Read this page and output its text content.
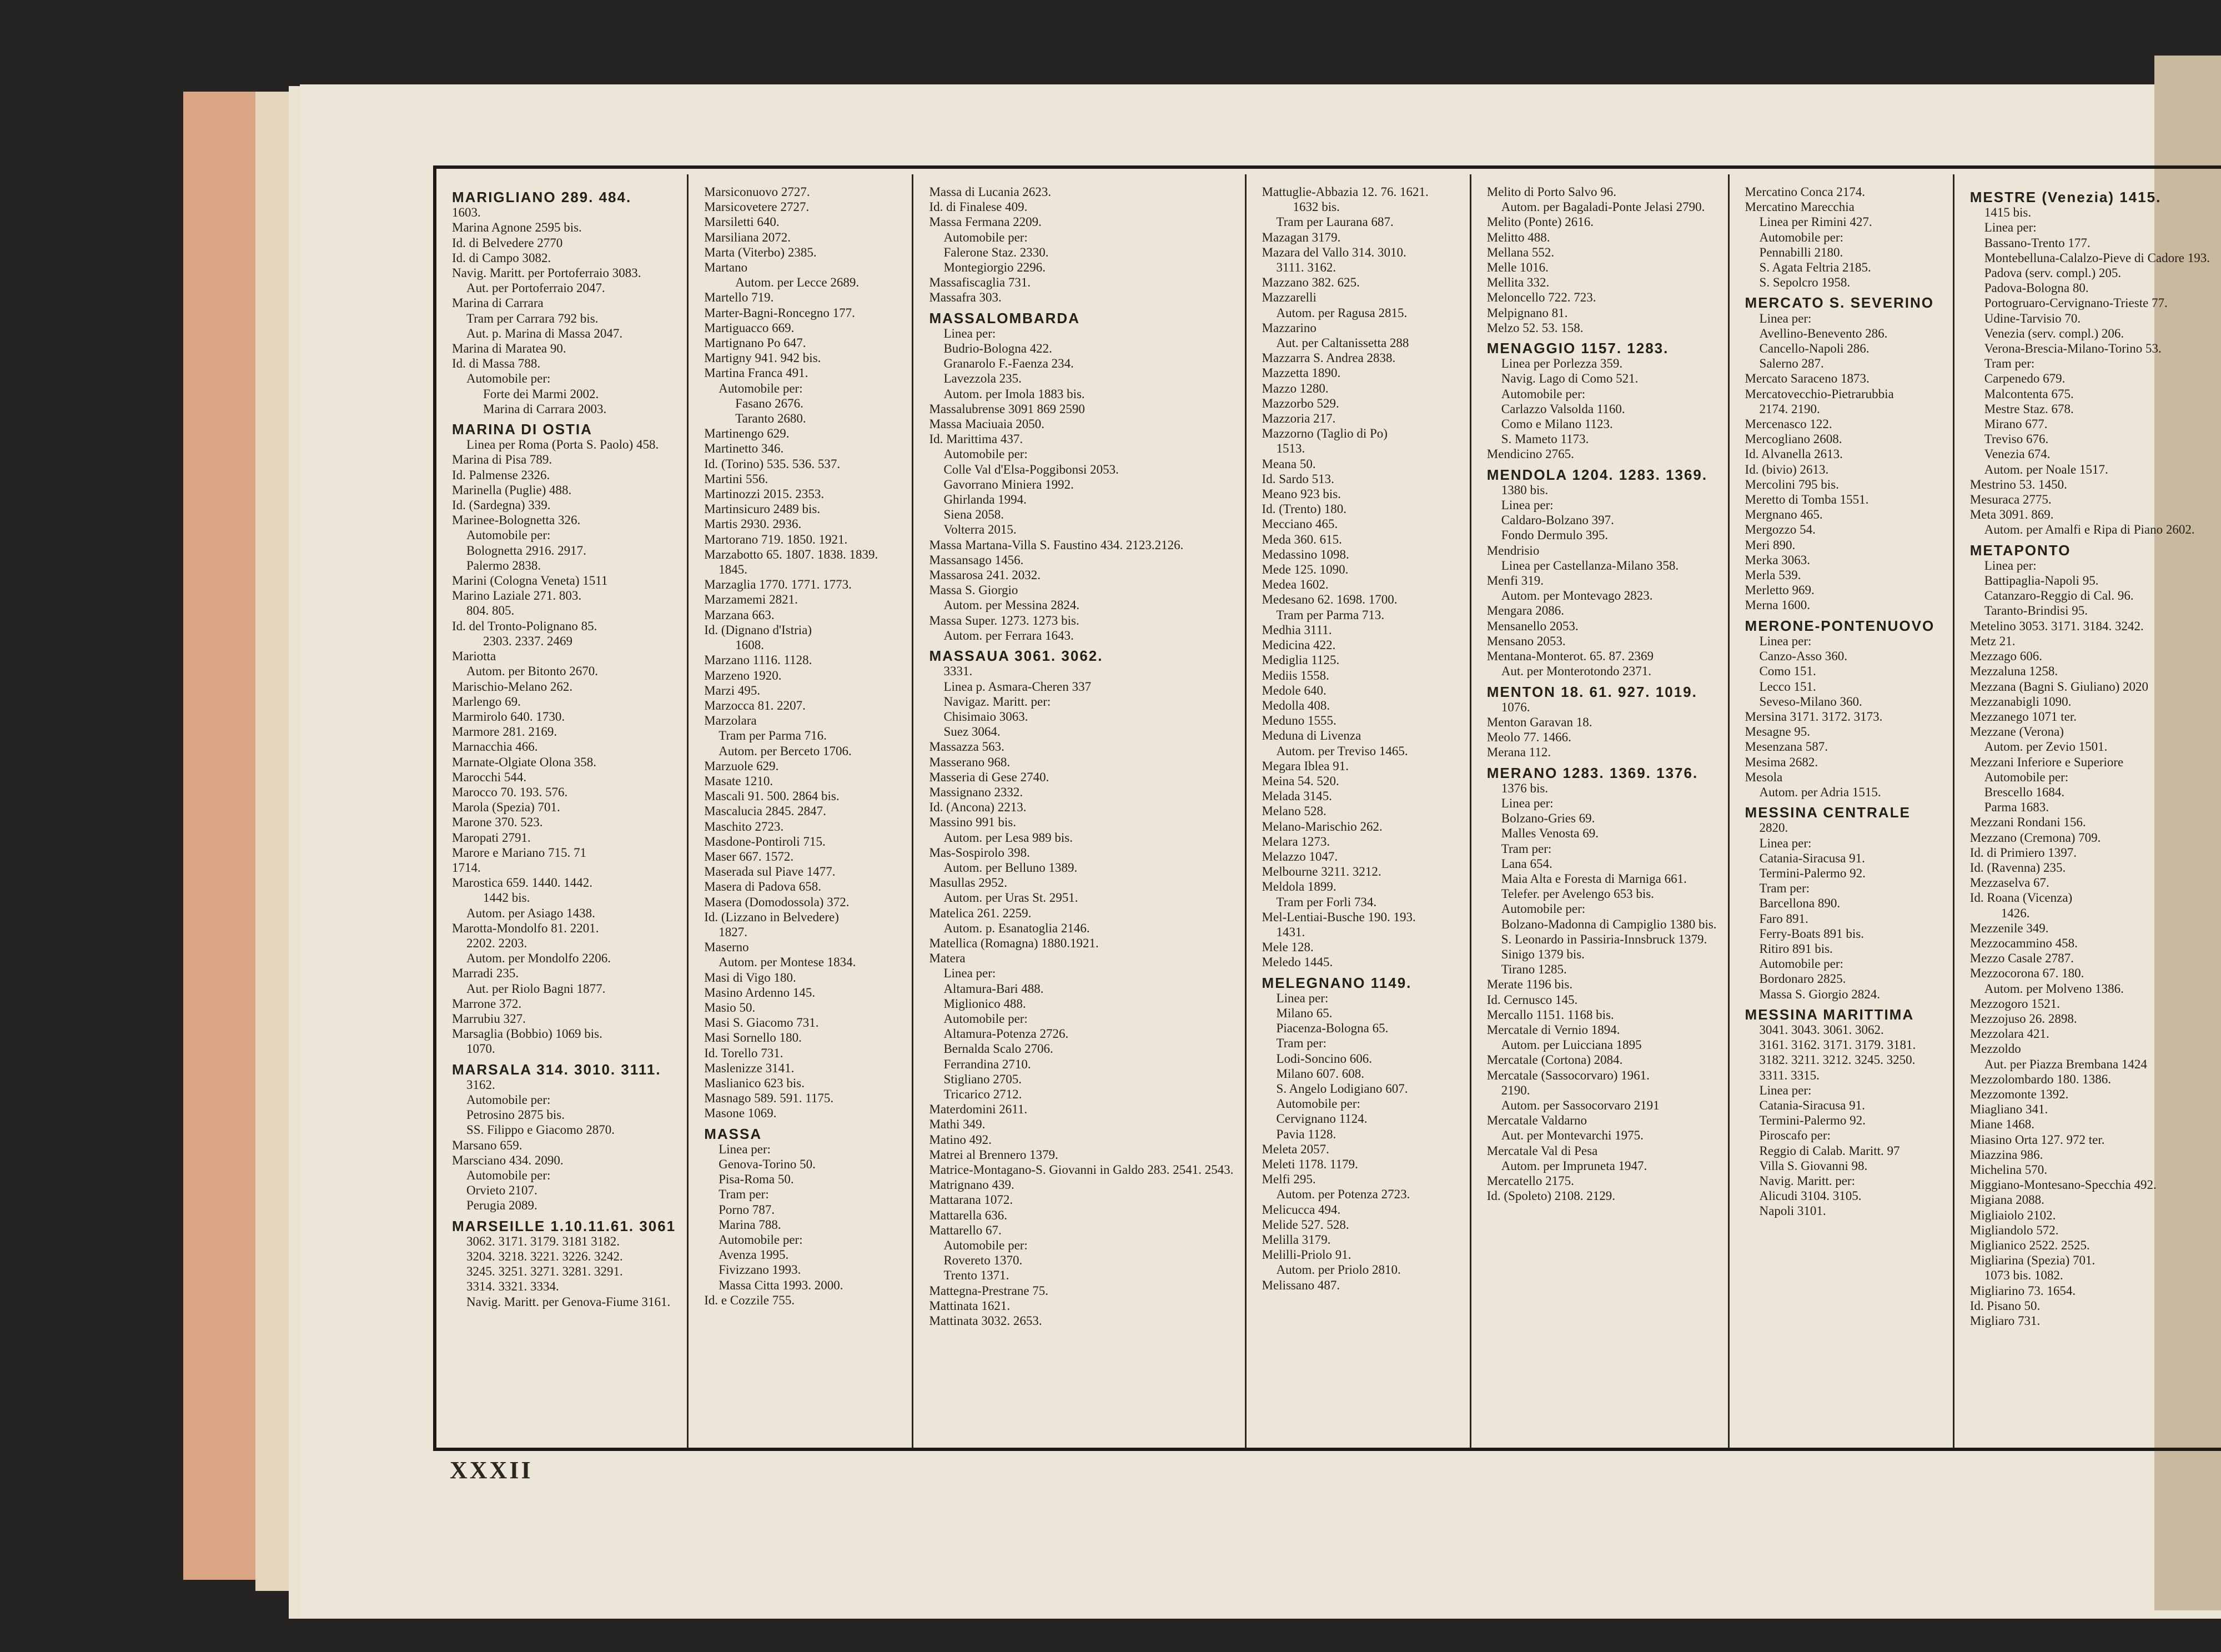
MARIGLIANO 289. 484.
1603.
Marina Agnone 2595 bis.
Id. di Belvedere 2770
Id. di Campo 3082.
Navig. Maritt. per Portoferraio 3083.
Aut. per Portoferraio 2047.
Marina di Carrara
Tram per Carrara 792 bis.
Aut. p. Marina di Massa 2047.
Marina di Maratea 90.
Id. di Massa 788.
Automobile per:
Forte dei Marmi 2002.
Marina di Carrara 2003.
MARINA DI OSTIA
Linea per Roma (Porta S. Paolo) 458.
Marina di Pisa 789.
Id. Palmense 2326.
Marinella (Puglie) 488.
Id. (Sardegna) 339.
Marinee-Bolognetta 326.
Automobile per:
Bolognetta 2916. 2917.
Palermo 2838.
Marini (Cologna Veneta) 1511
Marino Laziale 271. 803.
804. 805.
Id. del Tronto-Polignano 85.
2303. 2337. 2469
Mariotta
Autom. per Bitonto 2670.
Marischio-Melano 262.
Marlengo 69.
Marmirolo 640. 1730.
Marmore 281. 2169.
Marnacchia 466.
Marnate-Olgiate Olona 358.
Marocchi 544.
Marocco 70. 193. 576.
Marola (Spezia) 701.
Marone 370. 523.
Maropati 2791.
Marore e Mariano 715. 71
1714.
Marostica 659. 1440. 1442.
1442 bis.
Autom. per Asiago 1438.
Marotta-Mondolfo 81. 2201.
2202. 2203.
Autom. per Mondolfo 2206.
Marradi 235.
Aut. per Riolo Bagni 1877.
Marrone 372.
Marrubiu 327.
Marsaglia (Bobbio) 1069 bis.
1070.
MARSALA 314. 3010. 3111.
3162.
Automobile per:
Petrosino 2875 bis.
SS. Filippo e Giacomo 2870.
Marsano 659.
Marsciano 434. 2090.
Automobile per:
Orvieto 2107.
Perugia 2089.
MARSEILLE 1.10.11.61. 3061
3062. 3171. 3179. 3181 3182.
3204. 3218. 3221. 3226. 3242.
3245. 3251. 3271. 3281. 3291.
3314. 3321. 3334.
Navig. Maritt. per Genova-Fiume 3161.
Marsiconuovo 2727.
Marsicovetere 2727.
Marsiletti 640.
Marsiliana 2072.
Marta (Viterbo) 2385.
Martano
Autom. per Lecce 2689.
Martello 719.
Marter-Bagni-Roncegno 177.
Martiguacco 669.
Martignano Po 647.
Martigny 941. 942 bis.
Martina Franca 491.
Automobile per:
Fasano 2676.
Taranto 2680.
Martinengo 629.
Martinetto 346.
Id. (Torino) 535. 536. 537.
Martini 556.
Martinozzi 2015. 2353.
Martinsicuro 2489 bis.
Martis 2930. 2936.
Martorano 719. 1850. 1921.
Marzabotto 65. 1807. 1838. 1839.
1845.
Marzaglia 1770. 1771. 1773.
Marzamemi 2821.
Marzana 663.
Id. (Dignano d'Istria)
1608.
Marzano 1116. 1128.
Marzeno 1920.
Marzi 495.
Marzocca 81. 2207.
Marzolara
Tram per Parma 716.
Autom. per Berceto 1706.
Marzuole 629.
Masate 1210.
Mascali 91. 500. 2864 bis.
Mascalucia 2845. 2847.
Maschito 2723.
Masdone-Pontiroli 715.
Maser 667. 1572.
Maserada sul Piave 1477.
Masera di Padova 658.
Masera (Domodossola) 372.
Id. (Lizzano in Belvedere)
1827.
Maserno
Autom. per Montese 1834.
Masi di Vigo 180.
Masino Ardenno 145.
Masio 50.
Masi S. Giacomo 731.
Masi Sornello 180.
Id. Torello 731.
Maslenizze 3141.
Maslianico 623 bis.
Masnago 589. 591. 1175.
Masone 1069.
MASSA
Linea per:
Genova-Torino 50.
Pisa-Roma 50.
Tram per:
Porno 787.
Marina 788.
Automobile per:
Avenza 1995.
Fivizzano 1993.
Massa Citta 1993. 2000.
Id. e Cozzile 755.
Massa di Lucania 2623.
Id. di Finalese 409.
Massa Fermana 2209.
Automobile per:
Falerone Staz. 2330.
Montegiorgio 2296.
Massafiscaglia 731.
Massafra 303.
MASSALOMBARDA
Linea per:
Budrio-Bologna 422.
Granarolo F.-Faenza 234.
Lavezzola 235.
Autom. per Imola 1883 bis.
Massalubrense 3091 869 2590
Massa Maciuaia 2050.
Id. Marittima 437.
Automobile per:
Colle Val d'Elsa-Poggibonsi 2053.
Gavorrano Miniera 1992.
Ghirlanda 1994.
Siena 2058.
Volterra 2015.
Massa Martana-Villa S. Faustino 434. 2123.2126.
Massansago 1456.
Massarosa 241. 2032.
Massa S. Giorgio
Autom. per Messina 2824.
Massa Super. 1273. 1273 bis.
Autom. per Ferrara 1643.
MASSAUA 3061. 3062.
3331.
Linea p. Asmara-Cheren 337
Navigaz. Maritt. per:
Chisimaio 3063.
Suez 3064.
Massazza 563.
Masserano 968.
Masseria di Gese 2740.
Massignano 2332.
Id. (Ancona) 2213.
Massino 991 bis.
Autom. per Lesa 989 bis.
Mas-Sospirolo 398.
Autom. per Belluno 1389.
Masullas 2952.
Autom. per Uras St. 2951.
Matelica 261. 2259.
Autom. p. Esanatoglia 2146.
Matellica (Romagna) 1880.1921.
Matera
Linea per:
Altamura-Bari 488.
Miglionico 488.
Automobile per:
Altamura-Potenza 2726.
Bernalda Scalo 2706.
Ferrandina 2710.
Stigliano 2705.
Tricarico 2712.
Materdomini 2611.
Mathi 349.
Matino 492.
Matrei al Brennero 1379.
Matrice-Montagano-S. Giovanni in Galdo 283. 2541. 2543.
Matrignano 439.
Mattarana 1072.
Mattarella 636.
Mattarello 67.
Automobile per:
Rovereto 1370.
Trento 1371.
Mattegna-Prestrane 75.
Mattinata 1621.
Mattinata 3032. 2653.
Mattuglie-Abbazia 12. 76. 1621.
1632 bis.
Tram per Laurana 687.
Mazagan 3179.
Mazara del Vallo 314. 3010.
3111. 3162.
Mazzano 382. 625.
Mazzarelli
Autom. per Ragusa 2815.
Mazzarino
Aut. per Caltanissetta 288
Mazzarra S. Andrea 2838.
Mazzetta 1890.
Mazzo 1280.
Mazzorbo 529.
Mazzoria 217.
Mazzorno (Taglio di Po)
1513.
Meana 50.
Id. Sardo 513.
Meano 923 bis.
Id. (Trento) 180.
Mecciano 465.
Meda 360. 615.
Medassino 1098.
Mede 125. 1090.
Medea 1602.
Medesano 62. 1698. 1700.
Tram per Parma 713.
Medhia 3111.
Medicina 422.
Mediglia 1125.
Mediis 1558.
Medole 640.
Medolla 408.
Meduno 1555.
Meduna di Livenza
Autom. per Treviso 1465.
Megara Iblea 91.
Meina 54. 520.
Melada 3145.
Melano 528.
Melano-Marischio 262.
Melara 1273.
Melazzo 1047.
Melbourne 3211. 3212.
Meldola 1899.
Tram per Forli 734.
Mel-Lentiai-Busche 190. 193.
1431.
Mele 128.
Meledo 1445.
MELEGNANO 1149.
Linea per:
Milano 65.
Piacenza-Bologna 65.
Tram per:
Lodi-Soncino 606.
Milano 607. 608.
S. Angelo Lodigiano 607.
Automobile per:
Cervignano 1124.
Pavia 1128.
Meleta 2057.
Meleti 1178. 1179.
Melfi 295.
Autom. per Potenza 2723.
Melicucca 494.
Melide 527. 528.
Melilla 3179.
Melilli-Priolo 91.
Autom. per Priolo 2810.
Melissano 487.
Melito di Porto Salvo 96.
Autom. per Bagaladi-Ponte Jelasi 2790.
Melito (Ponte) 2616.
Melitto 488.
Mellana 552.
Melle 1016.
Mellita 332.
Meloncello 722. 723.
Melpignano 81.
Melzo 52. 53. 158.
MENAGGIO 1157. 1283.
Linea per Porlezza 359.
Navig. Lago di Como 521.
Automobile per:
Carlazzo Valsolda 1160.
Como e Milano 1123.
S. Mameto 1173.
Mendicino 2765.
MENDOLA 1204. 1283. 1369.
1380 bis.
Linea per:
Caldaro-Bolzano 397.
Fondo Dermulo 395.
Mendrisio
Linea per Castellanza-Milano 358.
Menfi 319.
Autom. per Montevago 2823.
Mengara 2086.
Mensanello 2053.
Mensano 2053.
Mentana-Monterot. 65. 87. 2369
Aut. per Monterotondo 2371.
MENTON 18. 61. 927. 1019.
1076.
Menton Garavan 18.
Meolo 77. 1466.
Merana 112.
MERANO 1283. 1369. 1376.
1376 bis.
Linea per:
Bolzano-Gries 69.
Malles Venosta 69.
Tram per:
Lana 654.
Maia Alta e Foresta di Marniga 661.
Telefer. per Avelengo 653 bis.
Automobile per:
Bolzano-Madonna di Campiglio 1380 bis.
S. Leonardo in Passiria-Innsbruck 1379.
Sinigo 1379 bis.
Tirano 1285.
Merate 1196 bis.
Id. Cernusco 145.
Mercallo 1151. 1168 bis.
Mercatale di Vernio 1894.
Autom. per Luicciana 1895
Mercatale (Cortona) 2084.
Mercatale (Sassocorvaro) 1961.
2190.
Autom. per Sassocorvaro 2191
Mercatale Valdarno
Aut. per Montevarchi 1975.
Mercatale Val di Pesa
Autom. per Impruneta 1947.
Mercatello 2175.
Id. (Spoleto) 2108. 2129.
Mercatino Conca 2174.
Mercatino Marecchia
Linea per Rimini 427.
Automobile per:
Pennabilli 2180.
S. Agata Feltria 2185.
S. Sepolcro 1958.
MERCATO S. SEVERINO
Linea per:
Avellino-Benevento 286.
Cancello-Napoli 286.
Salerno 287.
Mercato Saraceno 1873.
Mercatovecchio-Pietrarubbia
2174. 2190.
Mercenasco 122.
Mercogliano 2608.
Id. Alvanella 2613.
Id. (bivio) 2613.
Mercolini 795 bis.
Meretto di Tomba 1551.
Mergnano 465.
Mergozzo 54.
Meri 890.
Merka 3063.
Merla 539.
Merletto 969.
Merna 1600.
MERONE-PONTENUOVO
Linea per:
Canzo-Asso 360.
Como 151.
Lecco 151.
Seveso-Milano 360.
Mersina 3171. 3172. 3173.
Mesagne 95.
Mesenzana 587.
Mesima 2682.
Mesola
Autom. per Adria 1515.
MESSINA CENTRALE
2820.
Linea per:
Catania-Siracusa 91.
Termini-Palermo 92.
Tram per:
Barcellona 890.
Faro 891.
Ferry-Boats 891 bis.
Ritiro 891 bis.
Automobile per:
Bordonaro 2825.
Massa S. Giorgio 2824.
MESSINA MARITTIMA
3041. 3043. 3061. 3062.
3161. 3162. 3171. 3179. 3181.
3182. 3211. 3212. 3245. 3250.
3311. 3315.
Linea per:
Catania-Siracusa 91.
Termini-Palermo 92.
Piroscafo per:
Reggio di Calab. Maritt. 97
Villa S. Giovanni 98.
Navig. Maritt. per:
Alicudi 3104. 3105.
Napoli 3101.
MESTRE (Venezia) 1415.
1415 bis.
Linea per:
Bassano-Trento 177.
Montebelluna-Calalzo-Pieve di Cadore 193.
Padova (serv. compl.) 205.
Padova-Bologna 80.
Portogruaro-Cervignano-Trieste 77.
Udine-Tarvisio 70.
Venezia (serv. compl.) 206.
Verona-Brescia-Milano-Torino 53.
Tram per:
Carpenedo 679.
Malcontenta 675.
Mestre Staz. 678.
Mirano 677.
Treviso 676.
Venezia 674.
Autom. per Noale 1517.
Mestrino 53. 1450.
Mesuraca 2775.
Meta 3091. 869.
Autom. per Amalfi e Ripa di Piano 2602.
METAPONTO
Linea per:
Battipaglia-Napoli 95.
Catanzaro-Reggio di Cal. 96.
Taranto-Brindisi 95.
Metelino 3053. 3171. 3184. 3242.
Metz 21.
Mezzago 606.
Mezzaluna 1258.
Mezzana (Bagni S. Giuliano) 2020
Mezzanabigli 1090.
Mezzanego 1071 ter.
Mezzane (Verona)
Autom. per Zevio 1501.
Mezzani Inferiore e Superiore
Automobile per:
Brescello 1684.
Parma 1683.
Mezzani Rondani 156.
Mezzano (Cremona) 709.
Id. di Primiero 1397.
Id. (Ravenna) 235.
Mezzaselva 67.
Id. Roana (Vicenza)
1426.
Mezzenile 349.
Mezzocammino 458.
Mezzo Casale 2787.
Mezzocorona 67. 180.
Autom. per Molveno 1386.
Mezzogoro 1521.
Mezzojuso 26. 2898.
Mezzolara 421.
Mezzoldo
Aut. per Piazza Brembana 1424
Mezzolombardo 180. 1386.
Mezzomonte 1392.
Miagliano 341.
Miane 1468.
Miasino Orta 127. 972 ter.
Miazzina 986.
Michelina 570.
Miggiano-Montesano-Specchia 492.
Migiana 2088.
Migliaiolo 2102.
Migliandolo 572.
Miglianico 2522. 2525.
Migliarina (Spezia) 701.
1073 bis. 1082.
Migliarino 73. 1654.
Id. Pisano 50.
Migliaro 731.
XXXII
